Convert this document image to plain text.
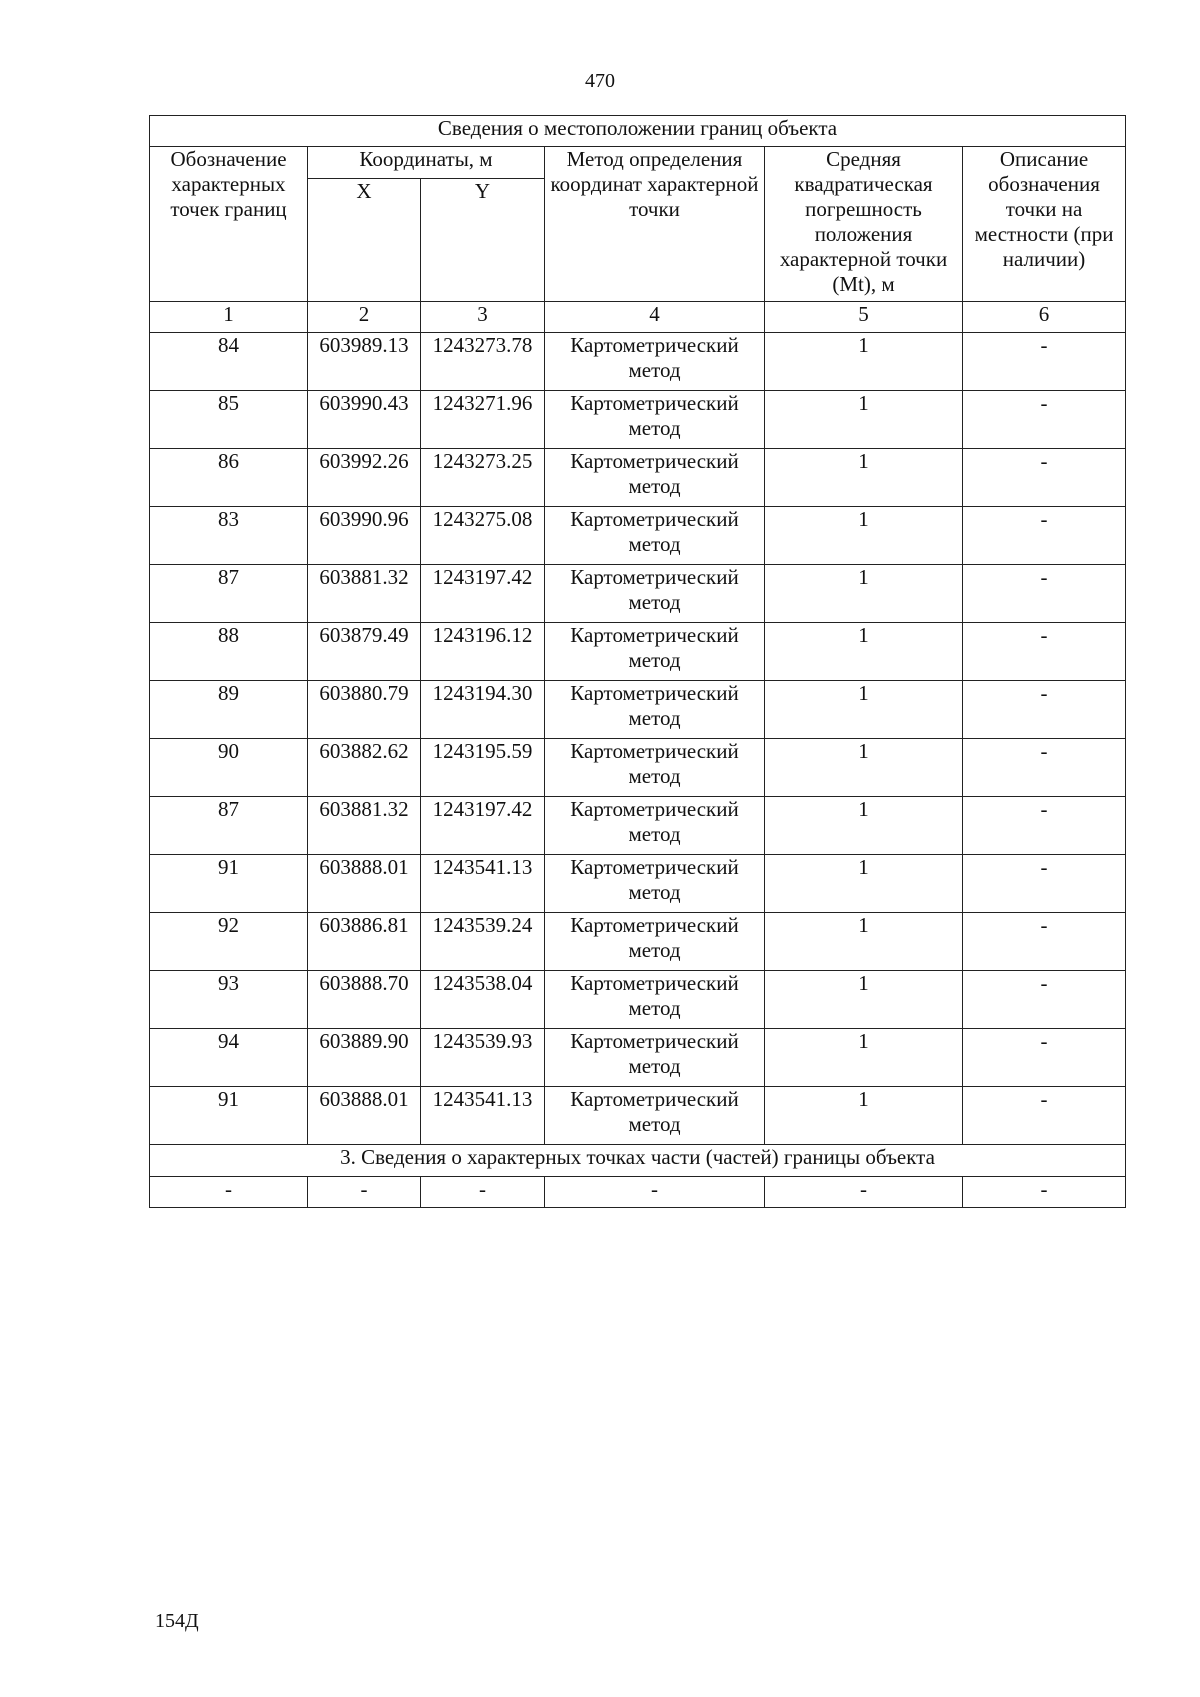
470
Сведения о местоположении границ объекта					
Обозначение характерных точек границ	Координаты, м		Метод определения координат характерной точки	Средняя квадратическая погрешность положения характерной точки (Mt), м	Описание обозначения точки на местности (при наличии)
	X	Y			
1	2	3	4	5	6
84	603989.13	1243273.78	Картометрический метод	1	-
85	603990.43	1243271.96	Картометрический метод	1	-
86	603992.26	1243273.25	Картометрический метод	1	-
83	603990.96	1243275.08	Картометрический метод	1	-
87	603881.32	1243197.42	Картометрический метод	1	-
88	603879.49	1243196.12	Картометрический метод	1	-
89	603880.79	1243194.30	Картометрический метод	1	-
90	603882.62	1243195.59	Картометрический метод	1	-
87	603881.32	1243197.42	Картометрический метод	1	-
91	603888.01	1243541.13	Картометрический метод	1	-
92	603886.81	1243539.24	Картометрический метод	1	-
93	603888.70	1243538.04	Картометрический метод	1	-
94	603889.90	1243539.93	Картометрический метод	1	-
91	603888.01	1243541.13	Картометрический метод	1	-
3. Сведения о характерных точках части (частей) границы объекта					
-	-	-	-	-	-
154Д
